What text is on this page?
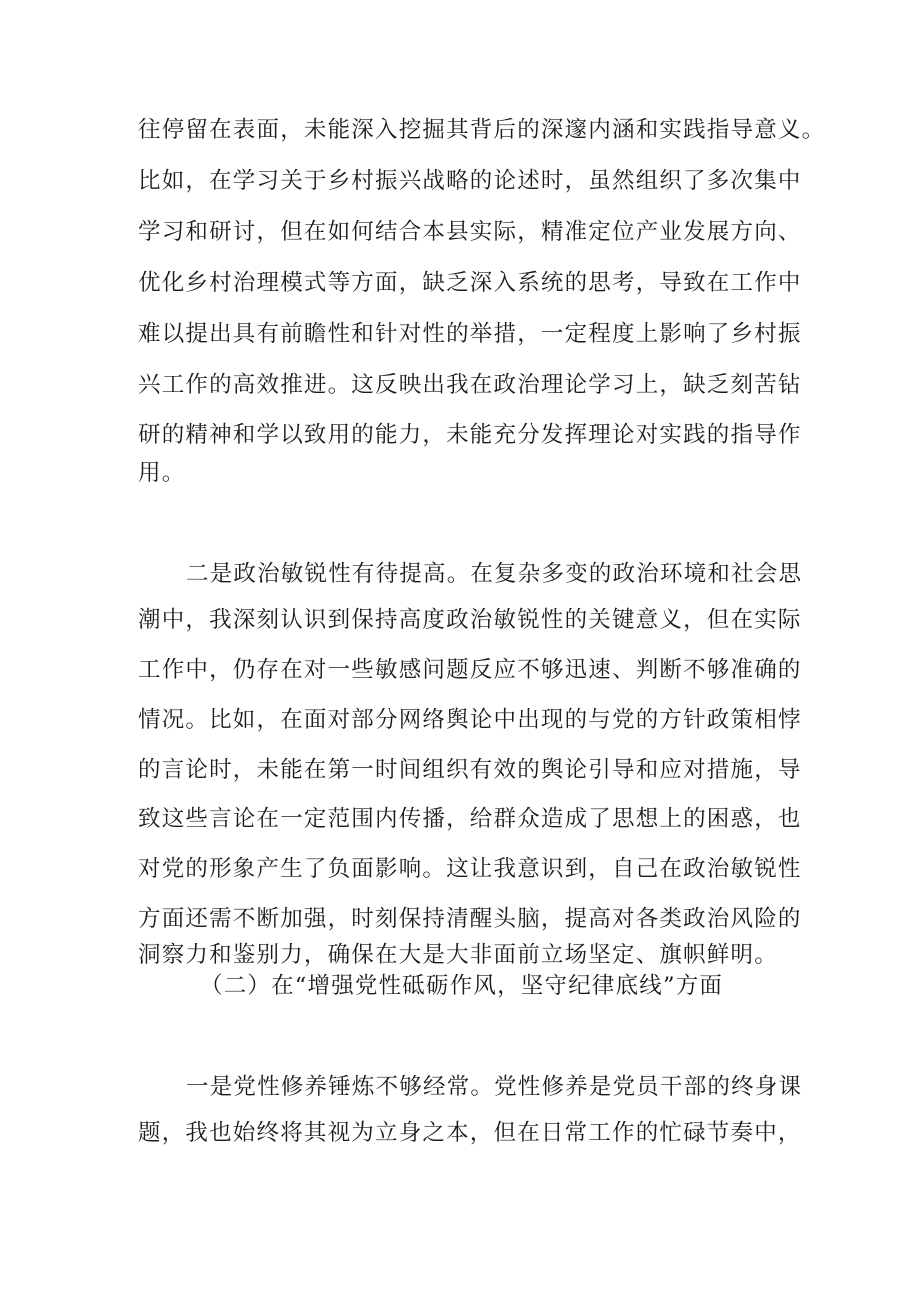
往停留在表面，未能深入挖掘其背后的深邃内涵和实践指导意义。
比如，在学习关于乡村振兴战略的论述时，虽然组织了多次集中
学习和研讨，但在如何结合本县实际，精准定位产业发展方向、
优化乡村治理模式等方面，缺乏深入系统的思考，导致在工作中
难以提出具有前瞻性和针对性的举措，一定程度上影响了乡村振
兴工作的高效推进。这反映出我在政治理论学习上，缺乏刻苦钻
研的精神和学以致用的能力，未能充分发挥理论对实践的指导作
用。
二是政治敏锐性有待提高。在复杂多变的政治环境和社会思
潮中，我深刻认识到保持高度政治敏锐性的关键意义，但在实际
工作中，仍存在对一些敏感问题反应不够迅速、判断不够准确的
情况。比如，在面对部分网络舆论中出现的与党的方针政策相悖
的言论时，未能在第一时间组织有效的舆论引导和应对措施，导
致这些言论在一定范围内传播，给群众造成了思想上的困惑，也
对党的形象产生了负面影响。这让我意识到，自己在政治敏锐性
方面还需不断加强，时刻保持清醒头脑，提高对各类政治风险的
洞察力和鉴别力，确保在大是大非面前立场坚定、旗帜鲜明。
（二）在“增强党性砥砺作风，坚守纪律底线”方面
一是党性修养锤炼不够经常。党性修养是党员干部的终身课
题，我也始终将其视为立身之本，但在日常工作的忙碌节奏中，
